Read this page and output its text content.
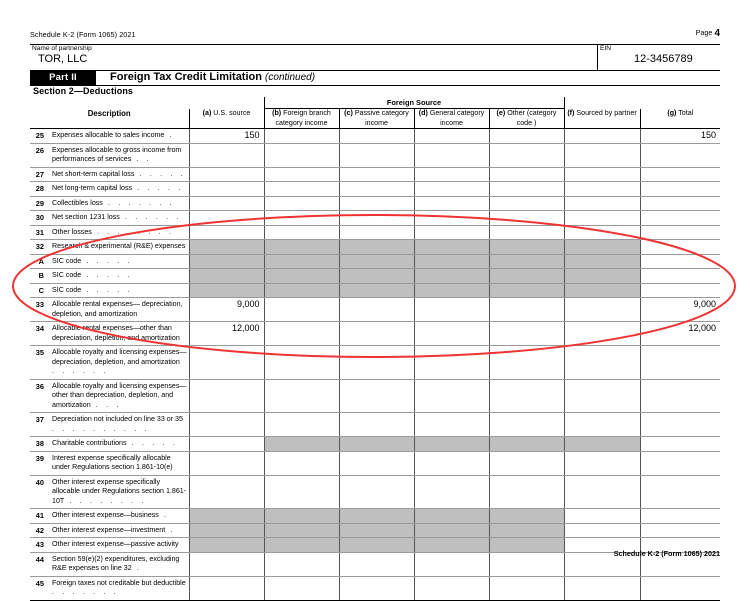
Schedule K-2 (Form 1065) 2021	Page 4
Name of partnership
TOR, LLC
EIN
12-3456789
Part II	Foreign Tax Credit Limitation (continued)
Section 2—Deductions
			Foreign Source					
Description		(a) U.S. source	(b) Foreign branch category income	(c) Passive category income	(d) General category income	(e) Other (category code )	(f) Sourced by partner	(g) Total
25	Expenses allocable to sales income .	150						150
26	Expenses allocable to gross income from performances of services . .							
27	Net short-term capital loss . . . . .							
28	Net long-term capital loss . . . . .							
29	Collectibles loss . . . . . . .							
30	Net section 1231 loss . . . . . .							
31	Other losses . . . . . . . .							
32	Research & experimental (R&E) expenses							
A	SIC code . . . . .							
B	SIC code . . . . .							
C	SIC code . . . . .							
33	Allocable rental expenses— depreciation, depletion, and amortization	9,000						9,000
34	Allocable rental expenses—other than depreciation, depletion, and amortization	12,000						12,000
35	Allocable royalty and licensing expenses—depreciation, depletion, and amortization . . . . . .							
36	Allocable royalty and licensing expenses—other than depreciation, depletion, and amortization . . .							
37	Depreciation not included on line 33 or 35 . . . . . . . . . .							
38	Charitable contributions . . . . .							
39	Interest expense specifically allocable under Regulations section 1.861-10(e)							
40	Other interest expense specifically allocable under Regulations section 1.861-10T . . . . . . . .							
41	Other interest expense—business .							
42	Other interest expense—investment .							
43	Other interest expense—passive activity							
44	Section 59(e)(2) expenditures, excluding R&E expenses on line 32 .							
45	Foreign taxes not creditable but deductible . . . . . . .							
Schedule K-2 (Form 1065) 2021
